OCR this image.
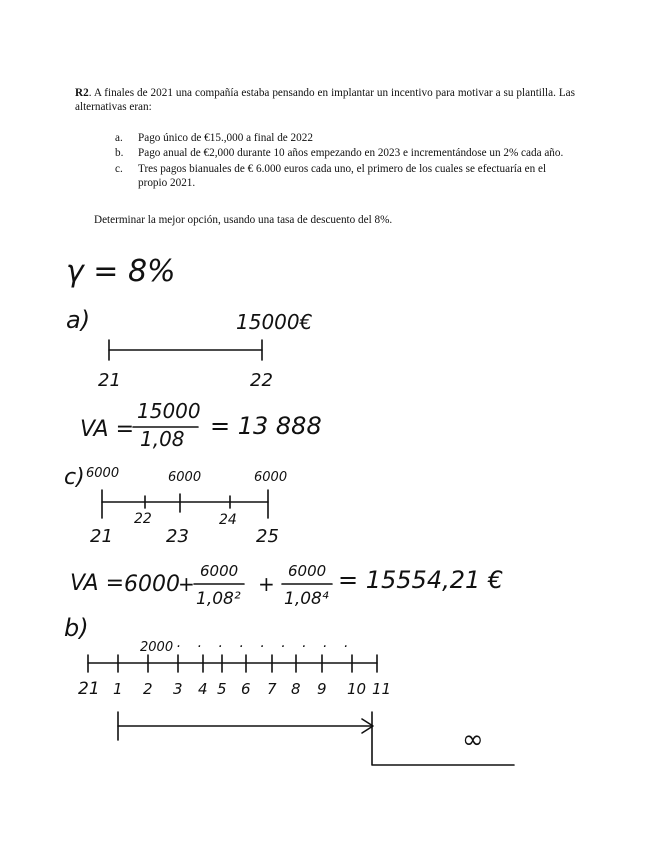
R2. A finales de 2021 una compañía estaba pensando en implantar un incentivo para motivar a su plantilla. Las alternativas eran:
a. Pago único de €15.,000 a final de 2022
b. Pago anual de €2,000 durante 10 años empezando en 2023 e incrementándose un 2% cada año.
c. Tres pagos bianuales de € 6.000 euros cada uno, el primero de los cuales se efectuaría en el propio 2021.
Determinar la mejor opción, usando una tasa de descuento del 8%.
γ = 8%
a)	15000€
21	22
VA =
15000
1,08 = 13 888
c) 6000	6000	6000
22	24
21	23	25
VA = 6000
+
6000
1,08²
+
6000
1,08⁴
= 15554,21 €
b)
2000 · · · · · · · · ·
21 1 2 3 4 5 6 7 8 9 10 11
∞
